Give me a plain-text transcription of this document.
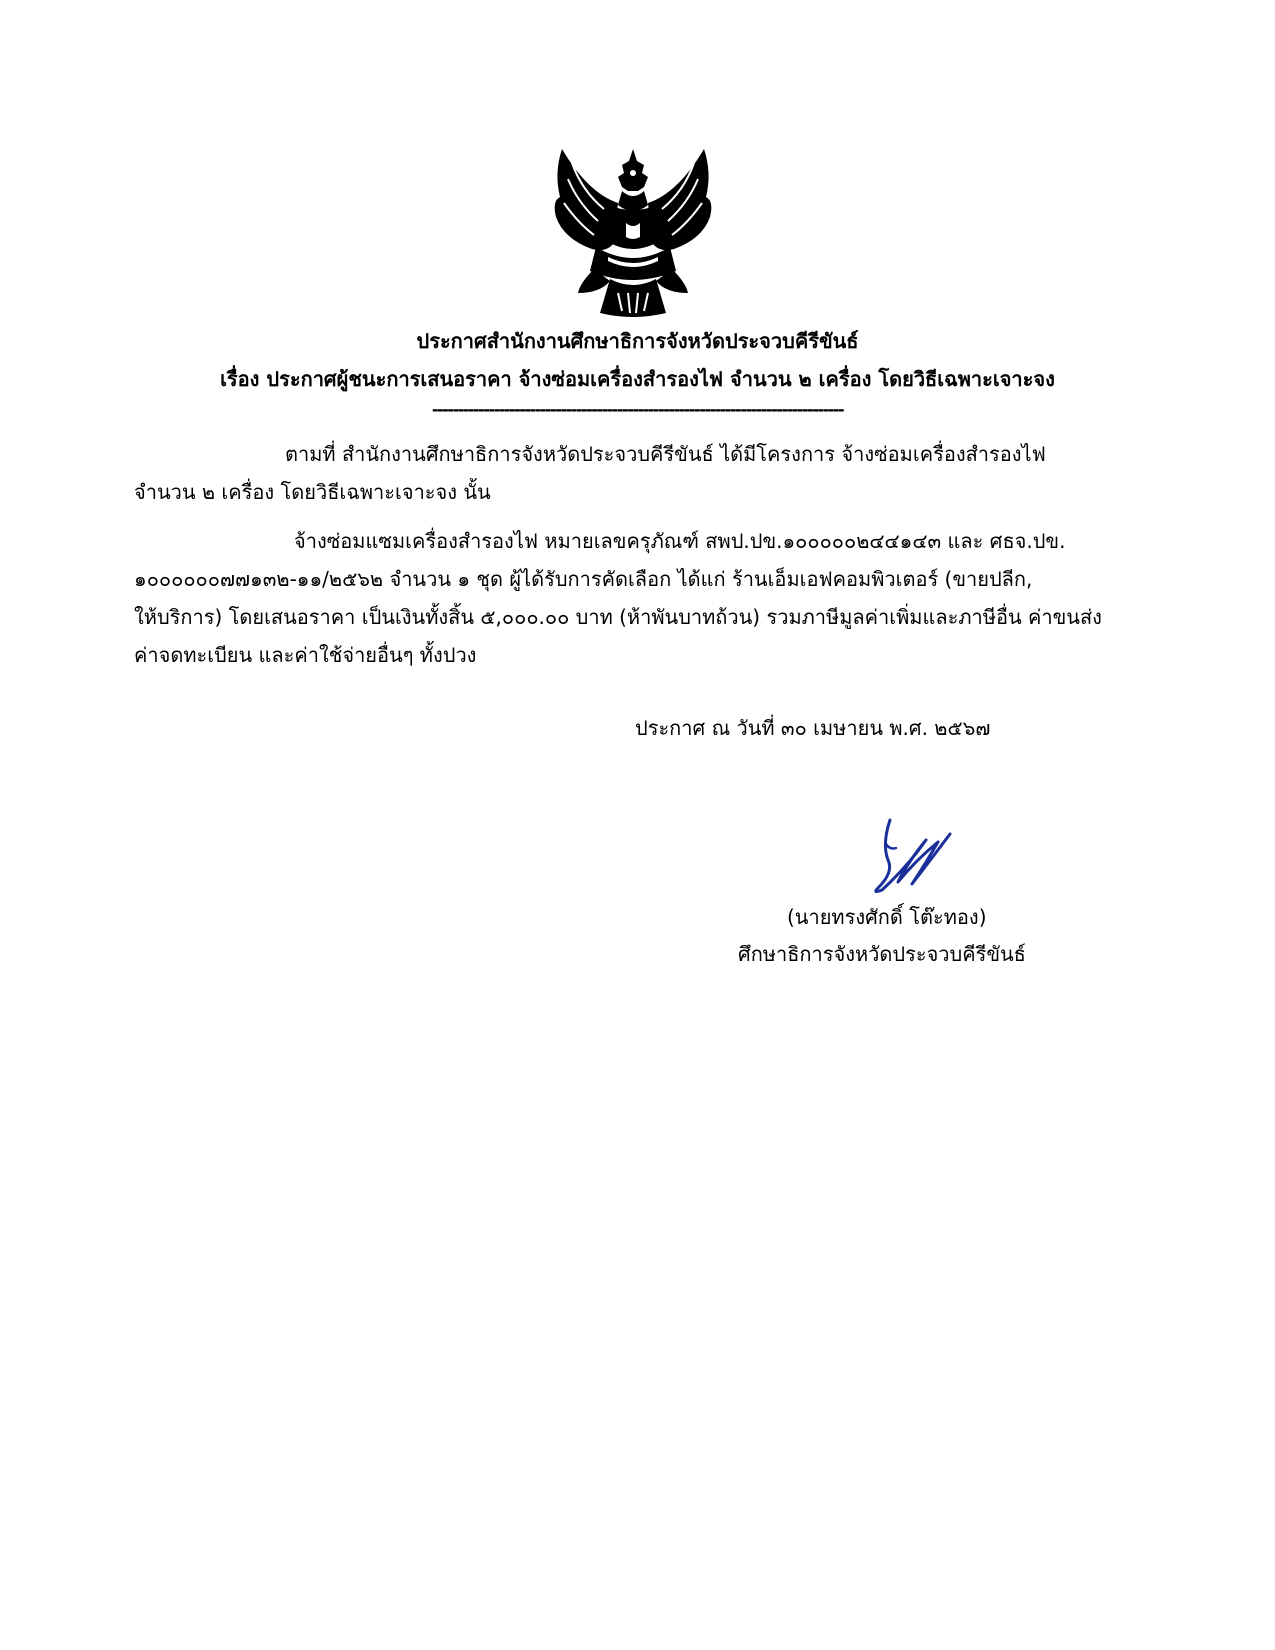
ประกาศสำนักงานศึกษาธิการจังหวัดประจวบคีรีขันธ์
เรื่อง ประกาศผู้ชนะการเสนอราคา จ้างซ่อมเครื่องสำรองไฟ จำนวน ๒ เครื่อง โดยวิธีเฉพาะเจาะจง
--------------------------------------------------------------------------------
ตามที่ สำนักงานศึกษาธิการจังหวัดประจวบคีรีขันธ์ ได้มีโครงการ จ้างซ่อมเครื่องสำรองไฟ
จำนวน ๒ เครื่อง โดยวิธีเฉพาะเจาะจง นั้น
จ้างซ่อมแซมเครื่องสำรองไฟ หมายเลขครุภัณฑ์ สพป.ปข.๑๐๐๐๐๐๒๔๔๑๔๓ และ ศธจ.ปข.
๑๐๐๐๐๐๐๗๗๑๓๒-๑๑/๒๕๖๒ จำนวน ๑ ชุด ผู้ได้รับการคัดเลือก ได้แก่ ร้านเอ็มเอฟคอมพิวเตอร์ (ขายปลีก,
ให้บริการ) โดยเสนอราคา เป็นเงินทั้งสิ้น ๕,๐๐๐.๐๐ บาท (ห้าพันบาทถ้วน) รวมภาษีมูลค่าเพิ่มและภาษีอื่น ค่าขนส่ง
ค่าจดทะเบียน และค่าใช้จ่ายอื่นๆ ทั้งปวง
ประกาศ ณ วันที่ ๓๐ เมษายน พ.ศ. ๒๕๖๗
(นายทรงศักดิ์ โต๊ะทอง)
ศึกษาธิการจังหวัดประจวบคีรีขันธ์
